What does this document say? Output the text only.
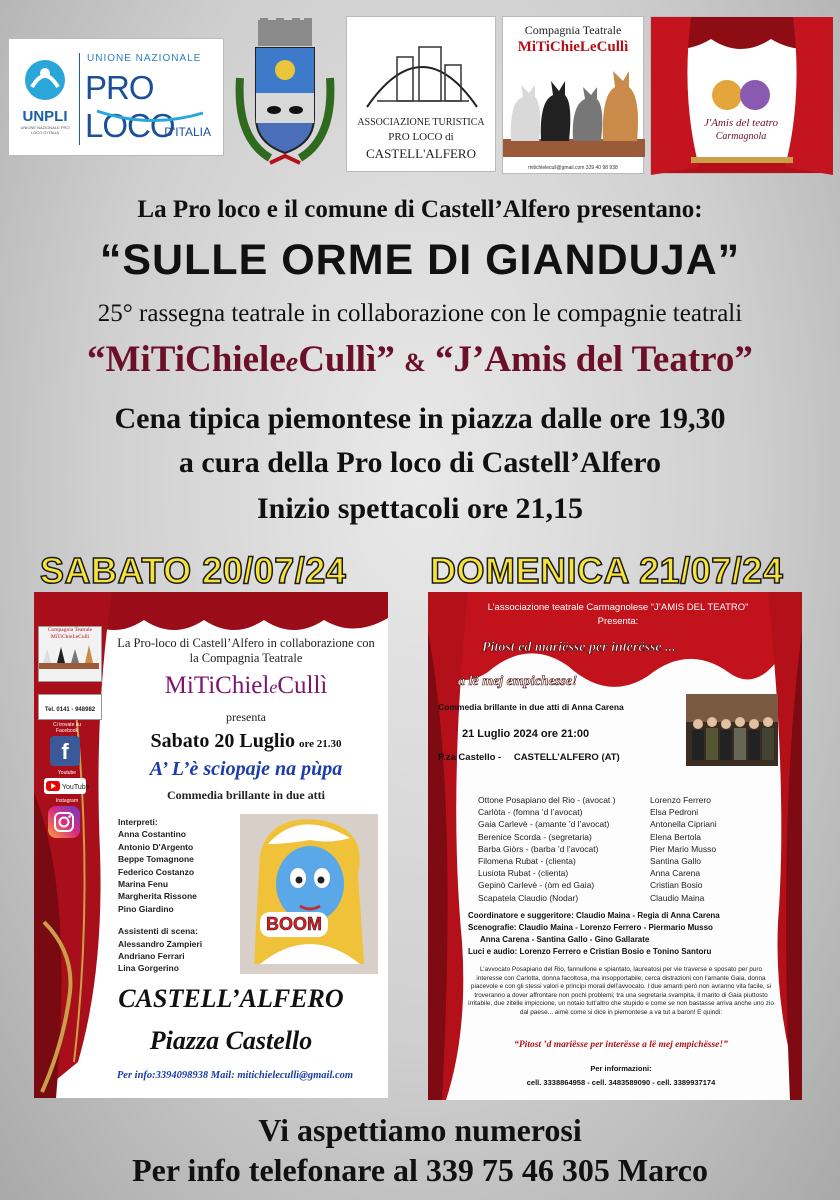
UNPLI
UNIONE NAZIONALE PRO LOCO D'ITALIA
UNIONE NAZIONALE
PRO LOCO
D'ITALIA
ASSOCIAZIONE TURISTICA
PRO LOCO di
CASTELL'ALFERO
Compagnia Teatrale
MiTiChieLeCullì
mitichielecull@gmail.com 339 40 98 938
J'Amis del teatro
Carmagnola
La Pro loco e il comune di Castell’Alfero presentano:
“SULLE ORME DI GIANDUJA”
25° rassegna teatrale in collaborazione con le compagnie teatrali
“MiTiChieleeCullì” & “J’Amis del Teatro”
Cena tipica piemontese in piazza dalle ore 19,30
a cura della Pro loco di Castell’Alfero
Inizio spettacoli ore 21,15
SABATO 20/07/24 DOMENICA 21/07/24
Compagnia Teatrale MiTiChieLeCullì
Tel. 0141 - 948982
Ci trovate su Facebook
f
Youtube
YouTube
Instagram
La Pro-loco di Castell’Alfero in collaborazione con la Compagnia Teatrale
MiTiChieleCullì
presenta
Sabato 20 Luglio ore 21.30
A’ L’è sciopaje na pùpa
Commedia brillante in due atti
Interpreti:
Anna Costantino
Antonio D'Argento
Beppe Tomagnone
Federico Costanzo
Marina Fenu
Margherita Rissone
Pino Giardino
Assistenti di scena:
Alessandro Zampieri
Andriano Ferrari
Lina Gorgerino
BOOM
CASTELL’ALFERO
Piazza Castello
Per info:3394098938 Mail: mitichielecullì@gmail.com
L’associazione teatrale Carmagnolese “J’AMIS DEL TEATRO”
Presenta:
Pitost ed mariësse per interësse ...
a lë mej empichesse!
Commedia brillante in due atti di Anna Carena
21 Luglio 2024 ore 21:00
P.za Castello - CASTELL’ALFERO (AT)
Ottone Posapiano del Rio - (avocat )	Lorenzo Ferrero
Carlòta - (fomna ’d l’avocat)	Elsa Pedroni
Gaia Carlevè - (amante ’d l’avocat)	Antonella Cipriani
Berenice Scorda - (segretaria)	Elena Bertola
Barba Giòrs - (barba ’d l’avocat)	Pier Mario Musso
Filomena Rubat - (clienta)	Santina Gallo
Lusiota Rubat - (clienta)	Anna Carena
Gepinò Carlevè - (òm ed Gaia)	Cristian Bosio
Scapatela Claudio (Nodar)	Claudio Maina
Coordinatore e suggeritore: Claudio Maina - Regia di Anna Carena
Scenografie: Claudio Maina - Lorenzo Ferrero - Piermario Musso
Anna Carena - Santina Gallo - Gino Gallarate
Luci e audio: Lorenzo Ferrero e Cristian Bosio e Tonino Santoru
L’avvocato Posapiano del Rio, fannullone e spiantato, laureatosi per vie traverse e sposato per puro interesse con Carlotta, donna facoltosa, ma insopportabile; cerca distrazioni con l’amante Gaia, donna piacevole e con gli stessi valori e principi morali dell’avvocato. I due amanti però non avranno vita facile, si troveranno a dover affrontare non pochi problemi; tra una segretaria svampita, il marito di Gaia piuttosto irritabile, due zitelle impiccione, un notaio tutt’altro che stupido e come se non bastasse arriva anche uno zio dal paese... aimè come si dice in piemontese a va tut a baron! E quindi:
“Pitost ’d mariësse per interësse a lë mej empichësse!”
Per informazioni:
cell. 3338864958 - cell. 3483589090 - cell. 3389937174
Vi aspettiamo numerosi
Per info telefonare al 339 75 46 305 Marco
